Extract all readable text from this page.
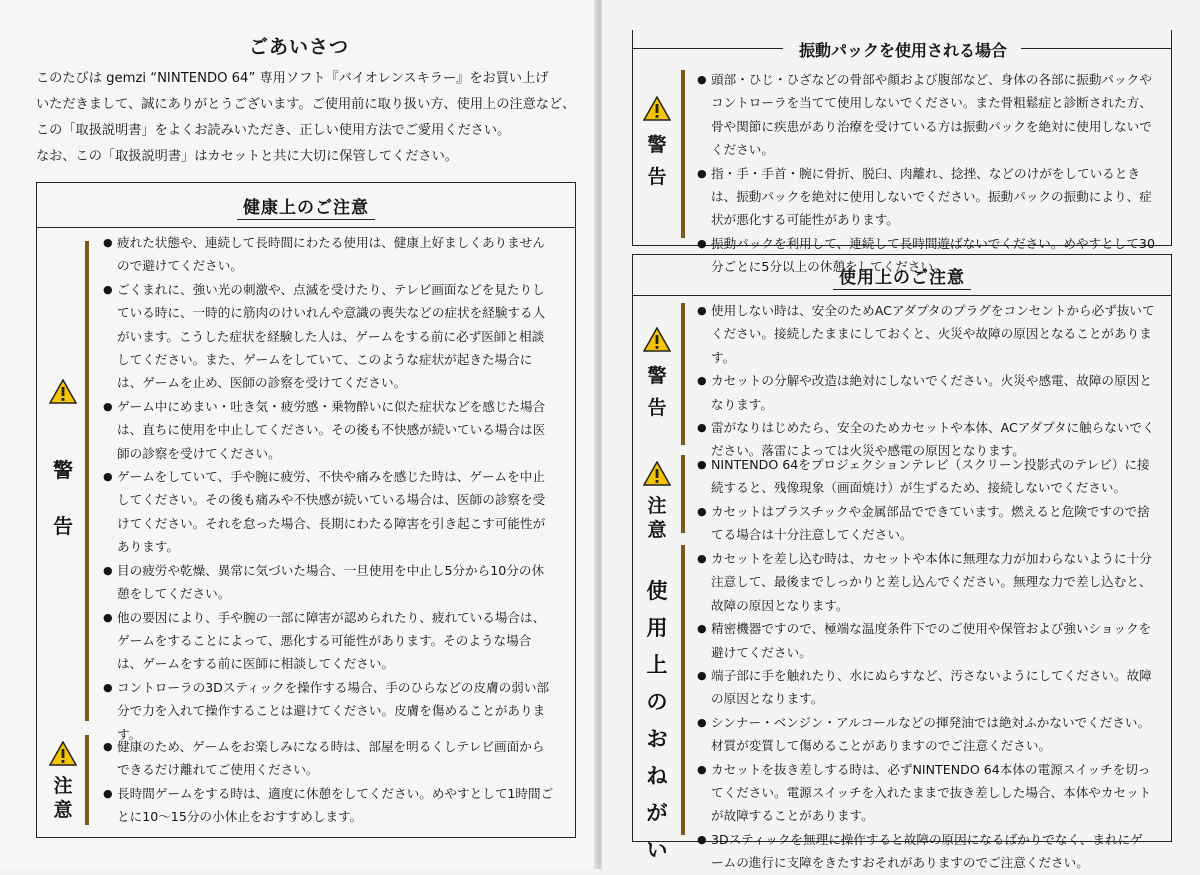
ごあいさつ
このたびは gemzi “NINTENDO 64” 専用ソフト『バイオレンスキラー』をお買い上げ
いただきまして、誠にありがとうございます。ご使用前に取り扱い方、使用上の注意など、
この「取扱説明書」をよくお読みいただき、正しい使用方法でご愛用ください。
なお、この「取扱説明書」はカセットと共に大切に保管してください。
健康上のご注意
警告
● 疲れた状態や、連続して長時間にわたる使用は、健康上好ましくありませんので避けてください。
● ごくまれに、強い光の刺激や、点滅を受けたり、テレビ画面などを見たりしている時に、一時的に筋肉のけいれんや意識の喪失などの症状を経験する人がいます。こうした症状を経験した人は、ゲームをする前に必ず医師と相談してください。また、ゲームをしていて、このような症状が起きた場合には、ゲームを止め、医師の診察を受けてください。
● ゲーム中にめまい・吐き気・疲労感・乗物酔いに似た症状などを感じた場合は、直ちに使用を中止してください。その後も不快感が続いている場合は医師の診察を受けてください。
● ゲームをしていて、手や腕に疲労、不快や痛みを感じた時は、ゲームを中止してください。その後も痛みや不快感が続いている場合は、医師の診察を受けてください。それを怠った場合、長期にわたる障害を引き起こす可能性があります。
● 目の疲労や乾燥、異常に気づいた場合、一旦使用を中止し5分から10分の休憩をしてください。
● 他の要因により、手や腕の一部に障害が認められたり、疲れている場合は、ゲームをすることによって、悪化する可能性があります。そのような場合は、ゲームをする前に医師に相談してください。
● コントローラの3Dスティックを操作する場合、手のひらなどの皮膚の弱い部分で力を入れて操作することは避けてください。皮膚を傷めることがあります。
注意
● 健康のため、ゲームをお楽しみになる時は、部屋を明るくしテレビ画面からできるだけ離れてご使用ください。
● 長時間ゲームをする時は、適度に休憩をしてください。めやすとして1時間ごとに10〜15分の小休止をおすすめします。
振動パックを使用される場合
警告
● 頭部・ひじ・ひざなどの骨部や顔および腹部など、身体の各部に振動パックやコントローラを当てて使用しないでください。また骨粗鬆症と診断された方、骨や関節に疾患があり治療を受けている方は振動パックを絶対に使用しないでください。
● 指・手・手首・腕に骨折、脱臼、肉離れ、捻挫、などのけがをしているときは、振動パックを絶対に使用しないでください。振動パックの振動により、症状が悪化する可能性があります。
● 振動パックを利用して、連続して長時間遊ばないでください。めやすとして30分ごとに5分以上の休憩をしてください。
使用上のご注意
警告
● 使用しない時は、安全のためACアダプタのプラグをコンセントから必ず抜いてください。接続したままにしておくと、火災や故障の原因となることがあります。
● カセットの分解や改造は絶対にしないでください。火災や感電、故障の原因となります。
● 雷がなりはじめたら、安全のためカセットや本体、ACアダプタに触らないでください。落雷によっては火災や感電の原因となります。
注意
● NINTENDO 64をプロジェクションテレビ（スクリーン投影式のテレビ）に接続すると、残像現象（画面焼け）が生ずるため、接続しないでください。
● カセットはプラスチックや金属部品でできています。燃えると危険ですので捨てる場合は十分注意してください。
使用上のおねがい
● カセットを差し込む時は、カセットや本体に無理な力が加わらないように十分注意して、最後までしっかりと差し込んでください。無理な力で差し込むと、故障の原因となります。
● 精密機器ですので、極端な温度条件下でのご使用や保管および強いショックを避けてください。
● 端子部に手を触れたり、水にぬらすなど、汚さないようにしてください。故障の原因となります。
● シンナー・ベンジン・アルコールなどの揮発油では絶対ふかないでください。材質が変質して傷めることがありますのでご注意ください。
● カセットを抜き差しする時は、必ずNINTENDO 64本体の電源スイッチを切ってください。電源スイッチを入れたままで抜き差しした場合、本体やカセットが故障することがあります。
● 3Dスティックを無理に操作すると故障の原因になるばかりでなく、まれにゲームの進行に支障をきたすおそれがありますのでご注意ください。
